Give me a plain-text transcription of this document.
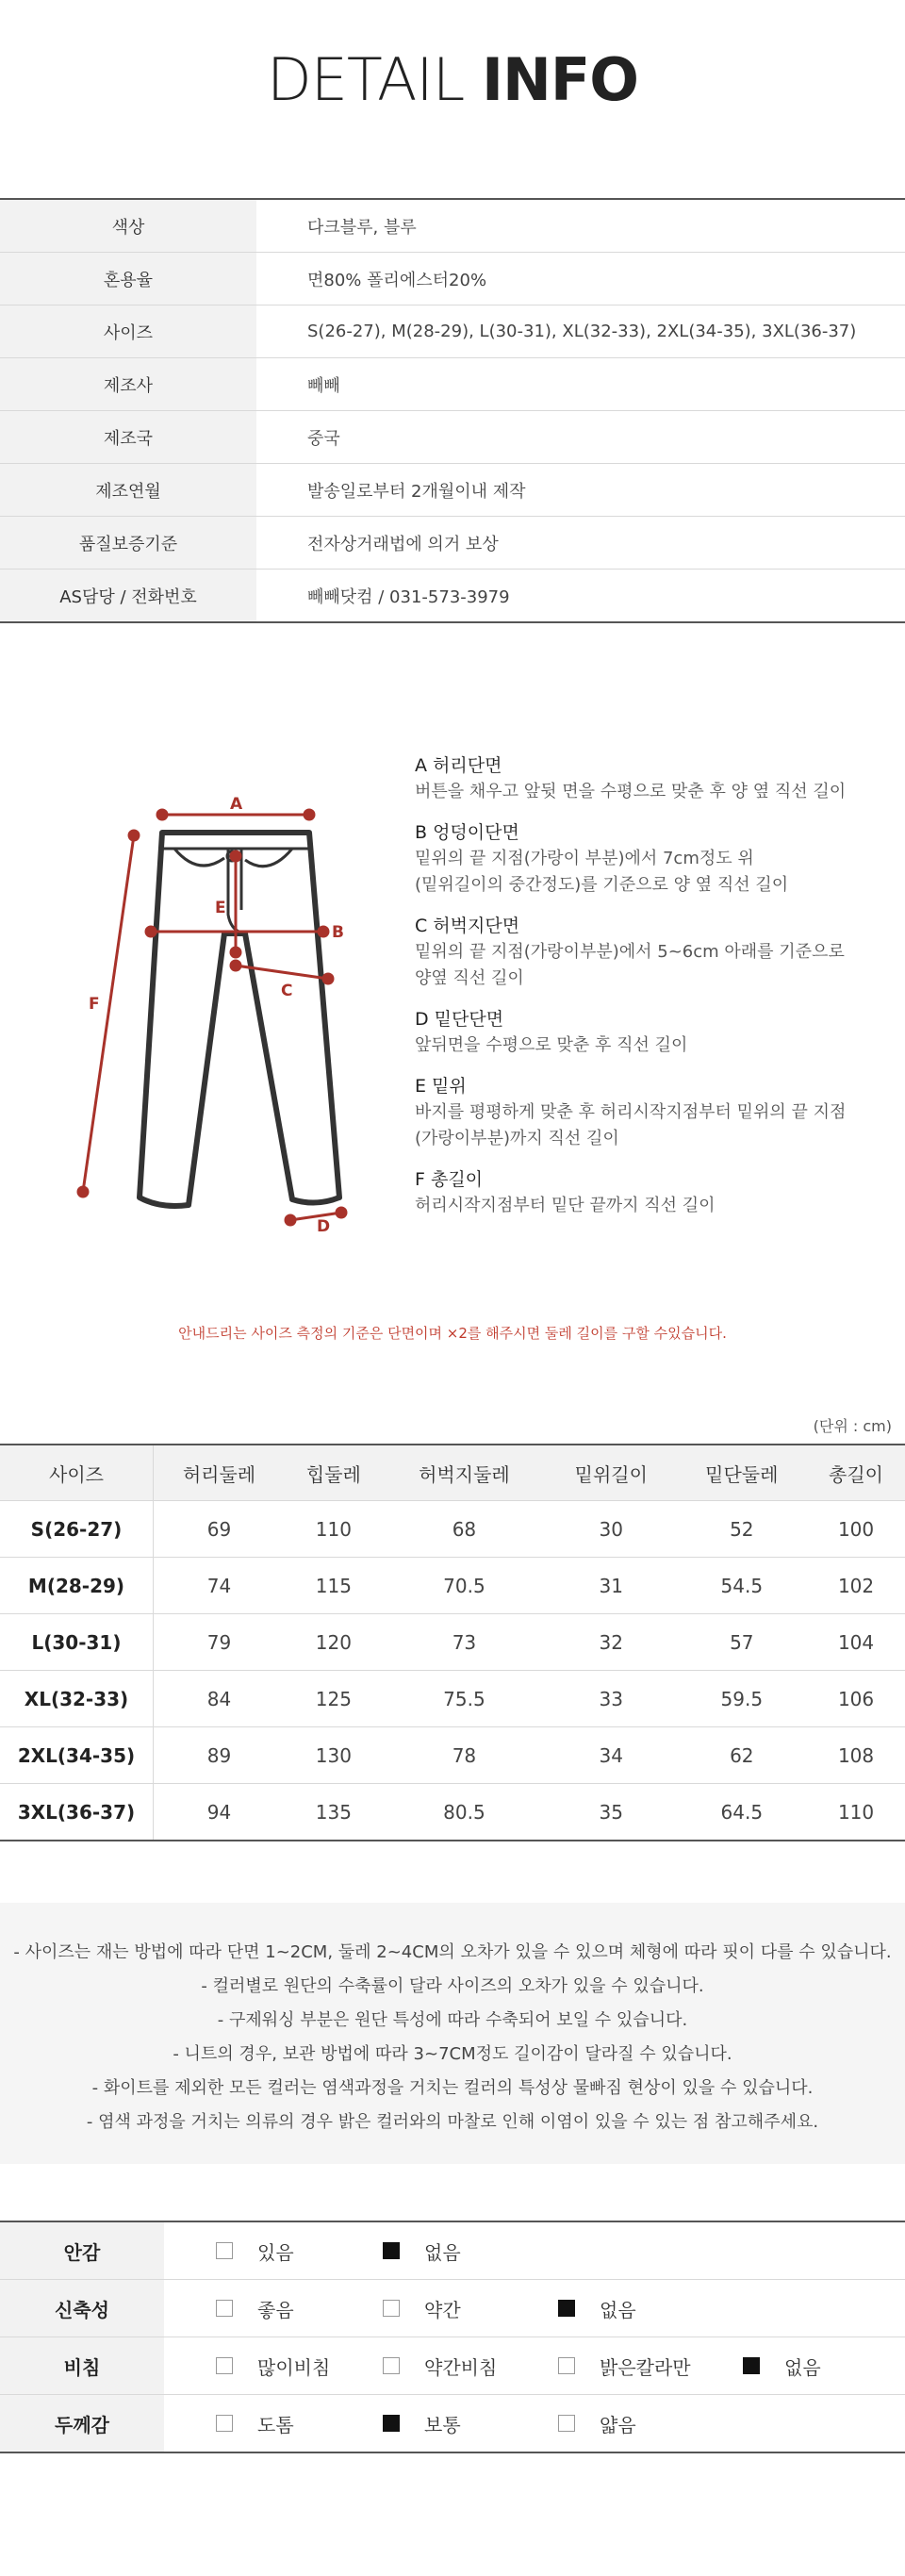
DETAIL INFO
색상	다크블루, 블루
혼용율	면80% 폴리에스터20%
사이즈	S(26-27), M(28-29), L(30-31), XL(32-33), 2XL(34-35), 3XL(36-37)
제조사	빼빼
제조국	중국
제조연월	발송일로부터 2개월이내 제작
품질보증기준	전자상거래법에 의거 보상
AS담당 / 전화번호	빼빼닷컴 / 031-573-3979
A
B
C
D
E
F
A 허리단면
버튼을 채우고 앞뒷 면을 수평으로 맞춘 후 양 옆 직선 길이
B 엉덩이단면
밑위의 끝 지점(가랑이 부분)에서 7cm정도 위
(밑위길이의 중간정도)를 기준으로 양 옆 직선 길이
C 허벅지단면
밑위의 끝 지점(가랑이부분)에서 5~6cm 아래를 기준으로
양옆 직선 길이
D 밑단단면
앞뒤면을 수평으로 맞춘 후 직선 길이
E 밑위
바지를 평평하게 맞춘 후 허리시작지점부터 밑위의 끝 지점
(가랑이부분)까지 직선 길이
F 총길이
허리시작지점부터 밑단 끝까지 직선 길이
안내드리는 사이즈 측정의 기준은 단면이며 ×2를 해주시면 둘레 길이를 구할 수있습니다.
(단위 : cm)
사이즈	허리둘레	힙둘레	허벅지둘레	밑위길이	밑단둘레	총길이
S(26-27)	69	110	68	30	52	100
M(28-29)	74	115	70.5	31	54.5	102
L(30-31)	79	120	73	32	57	104
XL(32-33)	84	125	75.5	33	59.5	106
2XL(34-35)	89	130	78	34	62	108
3XL(36-37)	94	135	80.5	35	64.5	110
- 사이즈는 재는 방법에 따라 단면 1~2CM, 둘레 2~4CM의 오차가 있을 수 있으며 체형에 따라 핏이 다를 수 있습니다.
- 컬러별로 원단의 수축률이 달라 사이즈의 오차가 있을 수 있습니다.
- 구제워싱 부분은 원단 특성에 따라 수축되어 보일 수 있습니다.
- 니트의 경우, 보관 방법에 따라 3~7CM정도 길이감이 달라질 수 있습니다.
- 화이트를 제외한 모든 컬러는 염색과정을 거치는 컬러의 특성상 물빠짐 현상이 있을 수 있습니다.
- 염색 과정을 거치는 의류의 경우 밝은 컬러와의 마찰로 인해 이염이 있을 수 있는 점 참고해주세요.
안감	있음	없음
신축성	좋음	약간	없음
비침	많이비침	약간비침	밝은칼라만	없음
두께감	도톰	보통	얇음
